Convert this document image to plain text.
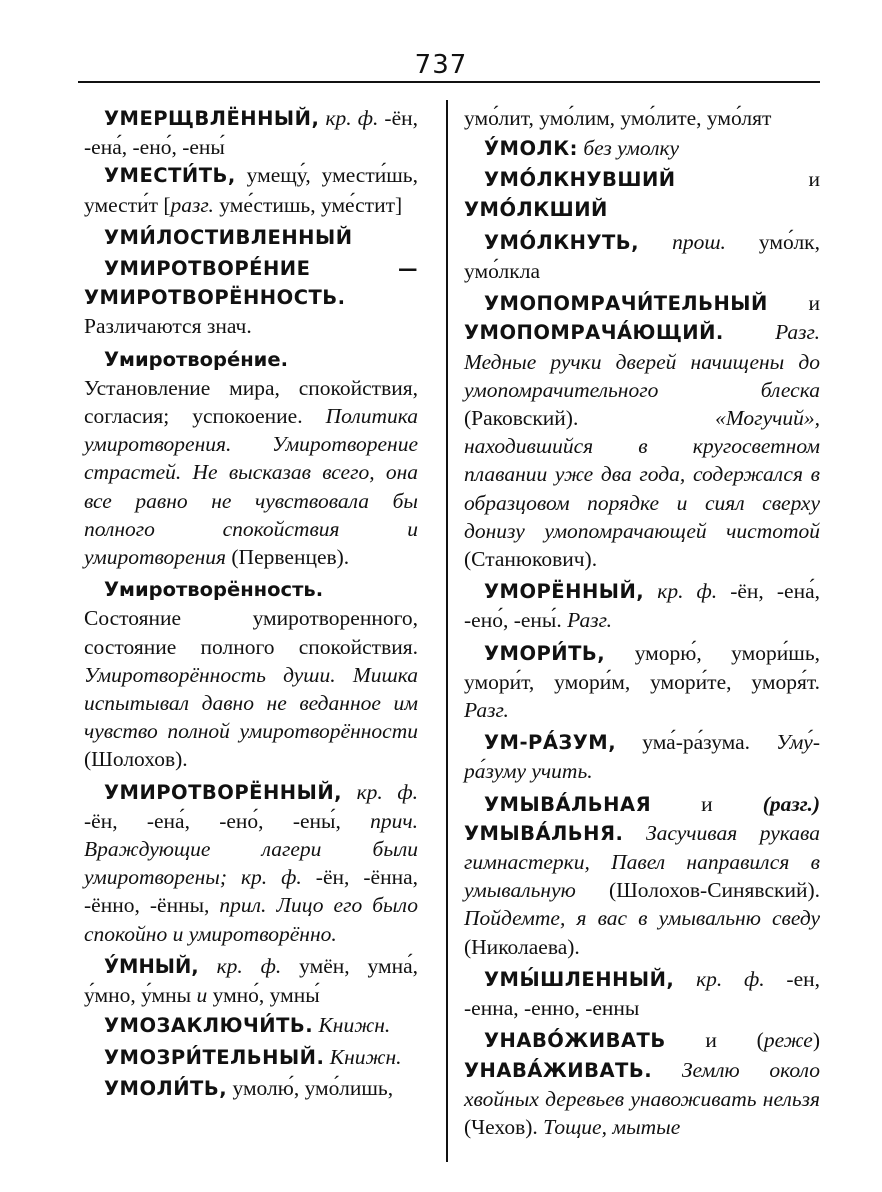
737

УМЕРЩВЛЁННЫЙ, кр. ф. -ён, -ена́, -ено́, -ены́

УМЕСТИ́ТЬ, умещу́, умести́шь, умести́т [разг. уме́стишь, уме́стит]

УМИ́ЛОСТИВЛЕННЫЙ

УМИРОТВОРЕ́НИЕ — УМИРОТВОРЁННОСТЬ. Различаются знач.

Умиротворе́ние. Установление мира, спокойствия, согласия; успокоение. Политика умиротворения. Умиротворение страстей. Не высказав всего, она все равно не чувствовала бы полного спокойствия и умиротворения (Первенцев).

Умиротворённость. Состояние умиротворенного, состояние полного спокойствия. Умиротворённость души. Мишка испытывал давно не веданное им чувство полной умиротворённости (Шолохов).

УМИРОТВОРЁННЫЙ, кр. ф. -ён, -ена́, -ено́, -ены́, прич. Враждующие лагери были умиротворены; кр. ф. -ён, -ённа, -ённо, -ённы, прил. Лицо его было спокойно и умиротворённо.

У́МНЫЙ, кр. ф. умён, умна́, у́мно, у́мны и умно́, умны́

УМОЗАКЛЮЧИ́ТЬ. Книжн.

УМОЗРИ́ТЕЛЬНЫЙ. Книжн.

УМОЛИ́ТЬ, умолю́, умо́лишь,

умо́лит, умо́лим, умо́лите, умо́лят

У́МОЛК: без умолку

УМО́ЛКНУВШИЙ и УМО́ЛКШИЙ

УМО́ЛКНУТЬ, прош. умо́лк, умо́лкла

УМОПОМРАЧИ́ТЕЛЬНЫЙ и УМОПОМРАЧА́ЮЩИЙ. Разг. Медные ручки дверей начищены до умопомрачительного блеска (Раковский). «Могучий», находившийся в кругосветном плавании уже два года, содержался в образцовом порядке и сиял сверху донизу умопомрачающей чистотой (Станюкович).

УМОРЁННЫЙ, кр. ф. -ён, -ена́, -ено́, -ены́. Разг.

УМОРИ́ТЬ, уморю́, умори́шь, умори́т, умори́м, умори́те, уморя́т. Разг.

УМ-РА́ЗУМ, ума́-ра́зума. Уму́-ра́зуму учить.

УМЫВА́ЛЬНАЯ и (разг.) УМЫВА́ЛЬНЯ. Засучивая рукава гимнастерки, Павел направился в умывальную (Шолохов-Синявский). Пойдемте, я вас в умывальню сведу (Николаева).

УМЫ́ШЛЕННЫЙ, кр. ф. -ен, -енна, -енно, -енны

УНАВО́ЖИВАТЬ и (реже) УНАВА́ЖИВАТЬ. Землю около хвойных деревьев унавоживать нельзя (Чехов). Тощие, мытые
